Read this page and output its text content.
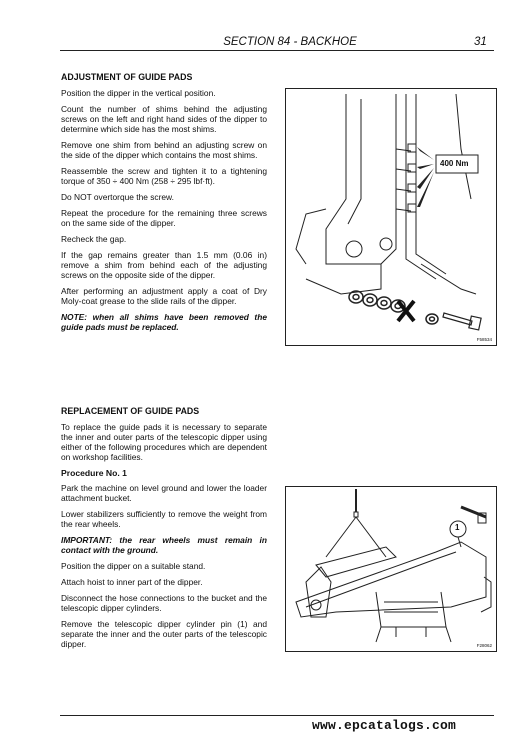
SECTION 84 - BACKHOE	31
ADJUSTMENT OF GUIDE PADS

Position the dipper in the vertical position.

Count the number of shims behind the adjusting screws on the left and right hand sides of the dipper to determine which side has the most shims.

Remove one shim from behind an adjusting screw on the side of the dipper which contains the most shims.

Reassemble the screw and tighten it to a tightening torque of 350 ÷ 400 Nm (258 ÷ 295 lbf·ft).

Do NOT overtorque the screw.

Repeat the procedure for the remaining three screws on the same side of the dipper.

Recheck the gap.

If the gap remains greater than 1.5 mm (0.06 in) remove a shim from behind each of the adjusting screws on the opposite side of the dipper.

After performing an adjustment apply a coat of Dry Moly-coat grease to the slide rails of the dipper.

NOTE: when all shims have been removed the guide pads must be replaced.

400 Nm
F58534
REPLACEMENT OF GUIDE PADS

To replace the guide pads it is necessary to separate the inner and outer parts of the telescopic dipper using either of the following procedures which are dependent on workshop facilities.

Procedure No. 1

Park the machine on level ground and lower the loader attachment bucket.

Lower stabilizers sufficiently to remove the weight from the rear wheels.

IMPORTANT: the rear wheels must remain in contact with the ground.

Position the dipper on a suitable stand.

Attach hoist to inner part of the dipper.

Disconnect the hose connections to the bucket and the telescopic dipper cylinders.

Remove the telescopic dipper cylinder pin (1) and separate the inner and the outer parts of the telescopic dipper.

1
F28062
www.epcatalogs.com
